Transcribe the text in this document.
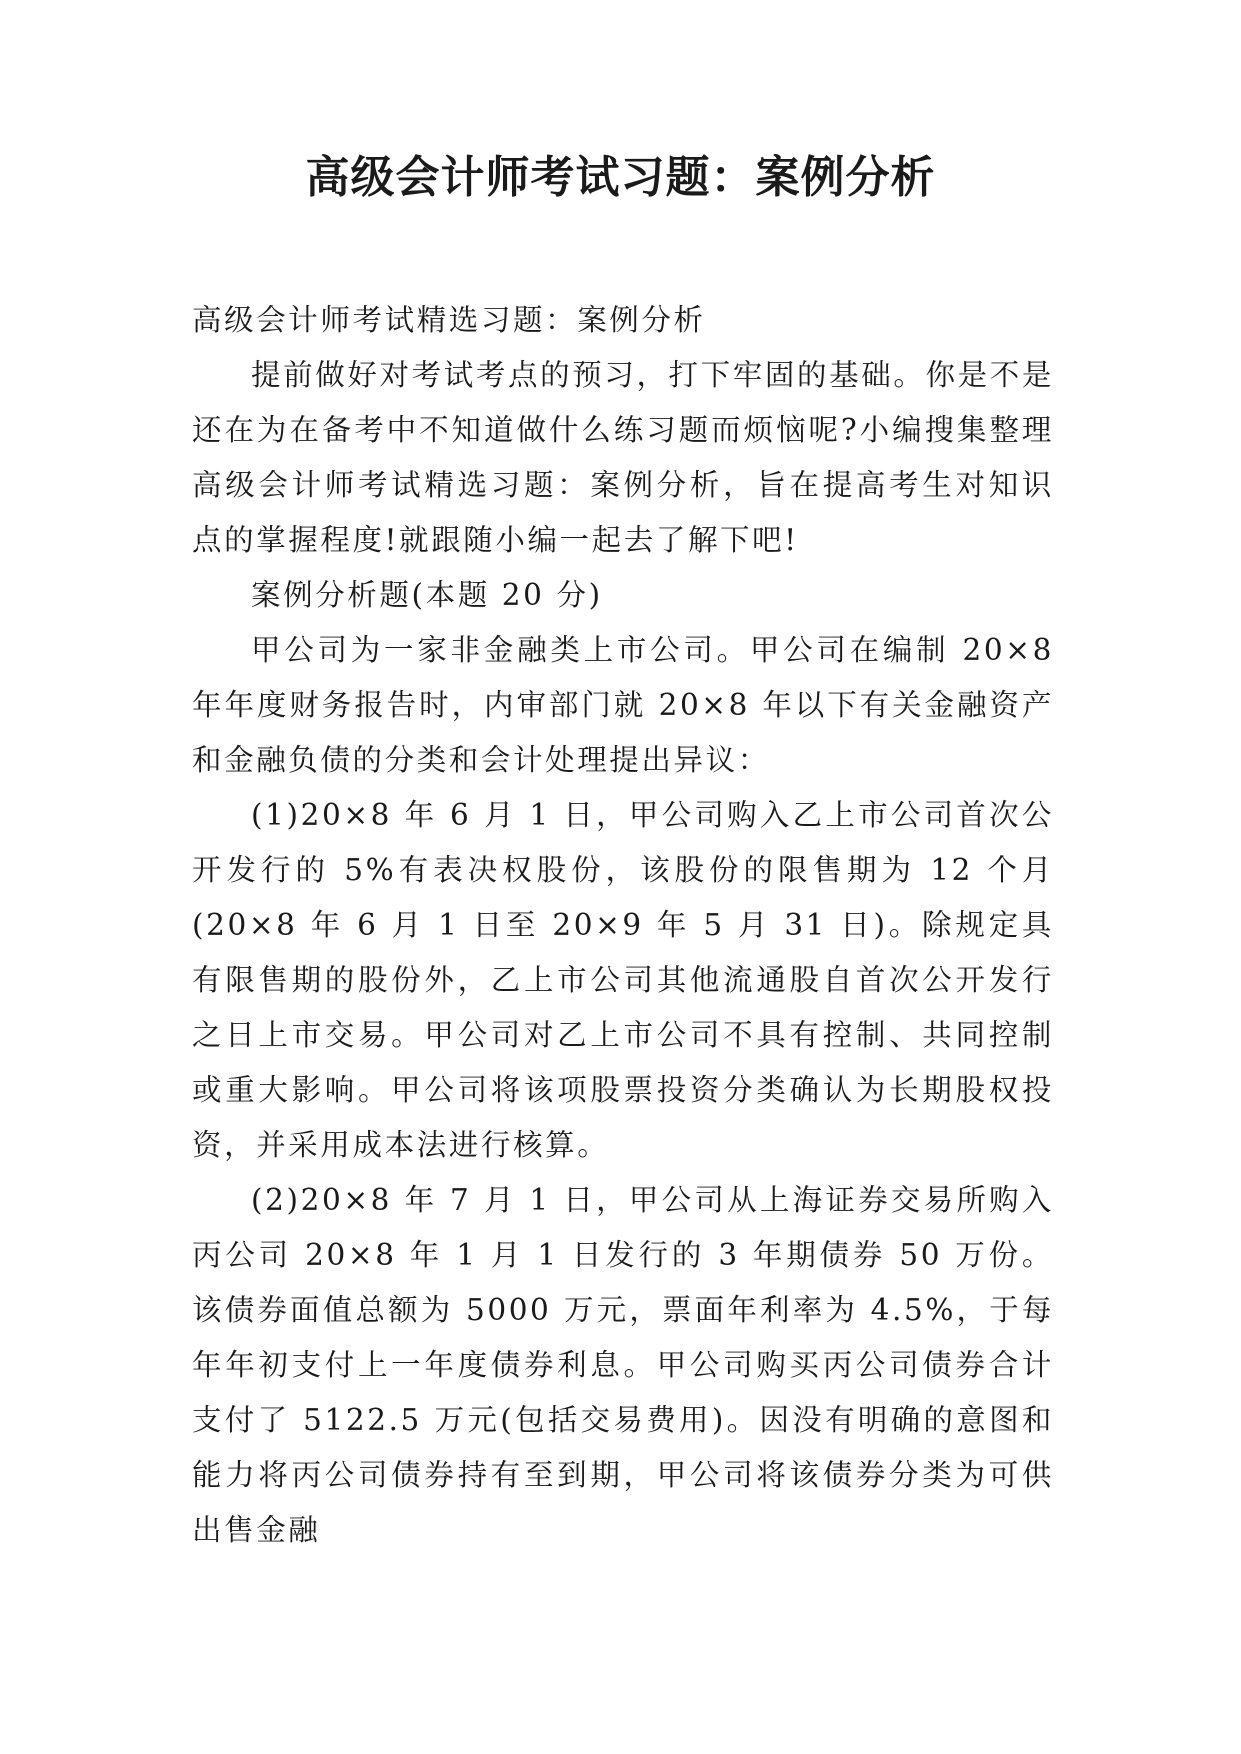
高级会计师考试习题：案例分析

高级会计师考试精选习题：案例分析

提前做好对考试考点的预习，打下牢固的基础。你是不是还在为在备考中不知道做什么练习题而烦恼呢?小编搜集整理高级会计师考试精选习题：案例分析，旨在提高考生对知识点的掌握程度!就跟随小编一起去了解下吧!

案例分析题(本题 20 分)

甲公司为一家非金融类上市公司。甲公司在编制 20×8 年年度财务报告时，内审部门就 20×8 年以下有关金融资产和金融负债的分类和会计处理提出异议：

(1)20×8 年 6 月 1 日，甲公司购入乙上市公司首次公开发行的 5%有表决权股份，该股份的限售期为 12 个月(20×8 年 6 月 1 日至 20×9 年 5 月 31 日)。除规定具有限售期的股份外，乙上市公司其他流通股自首次公开发行之日上市交易。甲公司对乙上市公司不具有控制、共同控制或重大影响。甲公司将该项股票投资分类确认为长期股权投资，并采用成本法进行核算。

(2)20×8 年 7 月 1 日，甲公司从上海证券交易所购入丙公司 20×8 年 1 月 1 日发行的 3 年期债券 50 万份。该债券面值总额为 5000 万元，票面年利率为 4.5%，于每年年初支付上一年度债券利息。甲公司购买丙公司债券合计支付了 5122.5 万元(包括交易费用)。因没有明确的意图和能力将丙公司债券持有至到期，甲公司将该债券分类为可供出售金融
